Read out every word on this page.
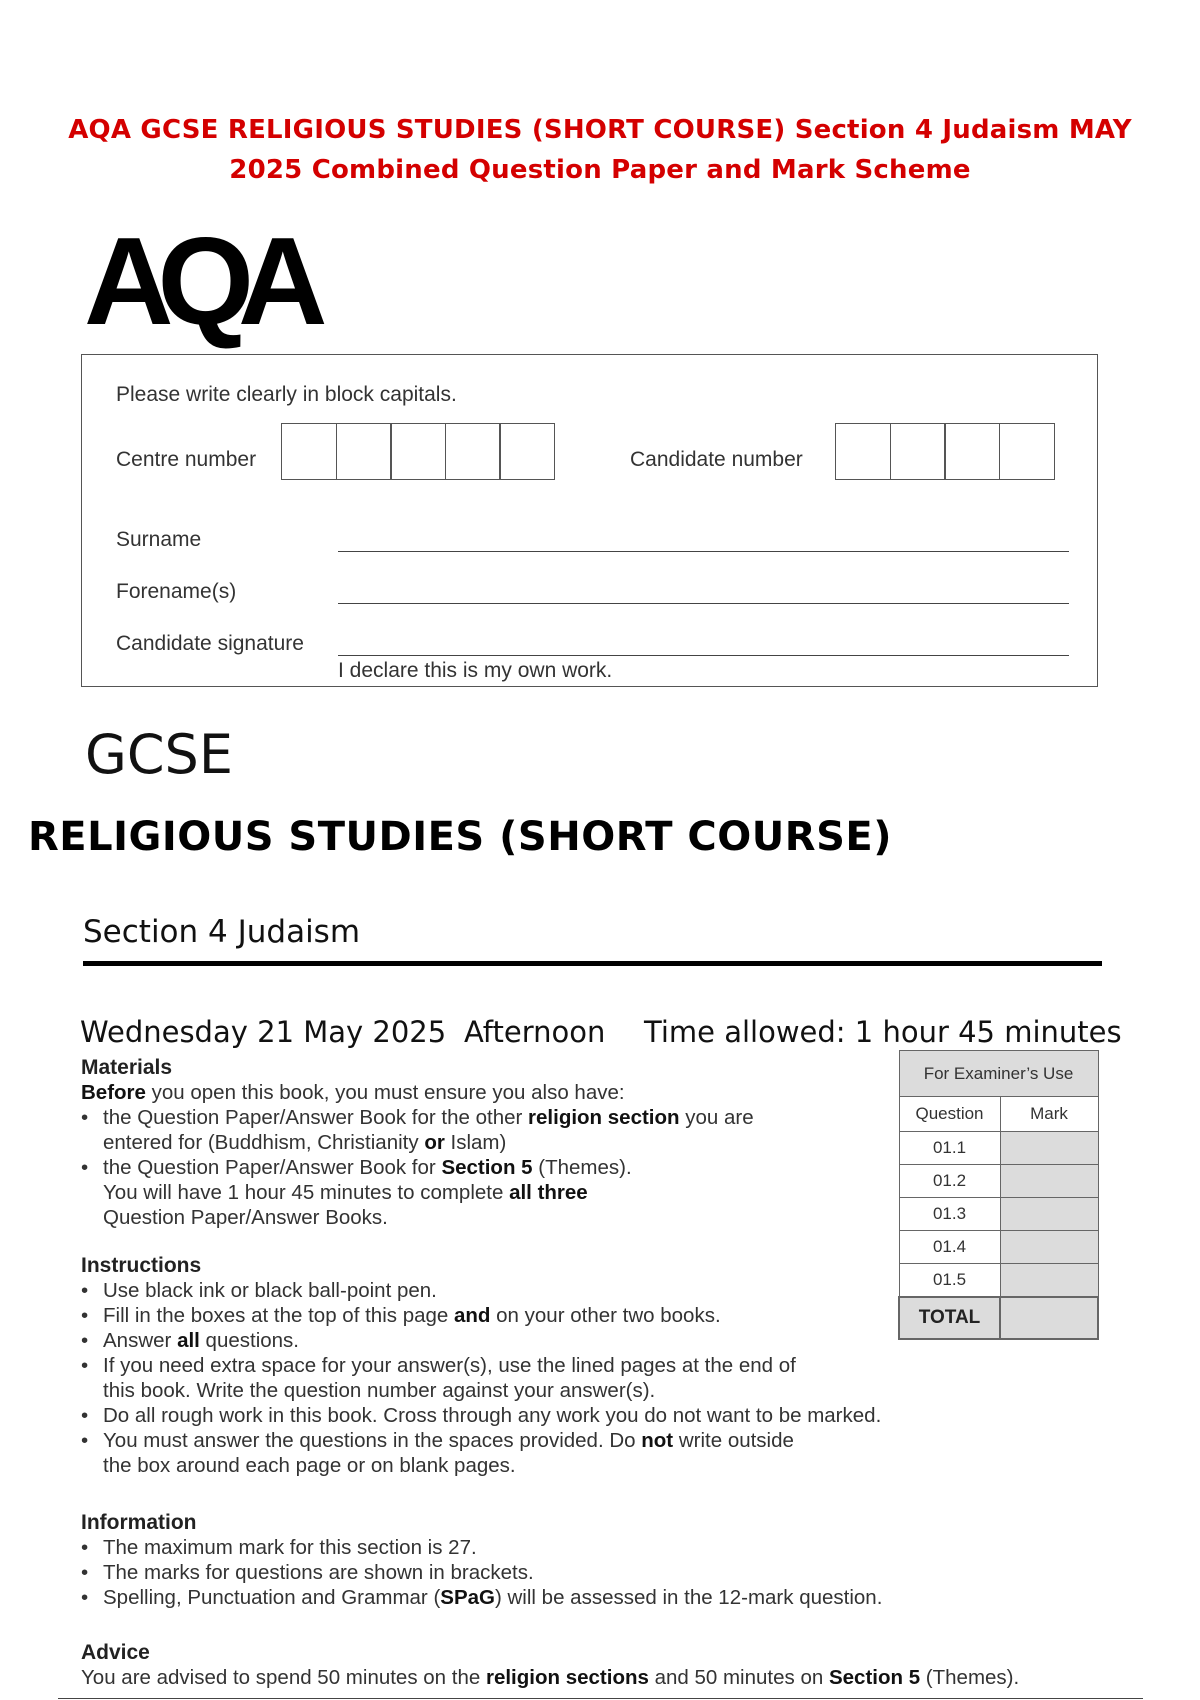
AQA GCSE RELIGIOUS STUDIES (SHORT COURSE) Section 4 Judaism MAY
2025 Combined Question Paper and Mark Scheme
AQA
Please write clearly in block capitals.
Centre number	Candidate number
Surname
Forename(s)
Candidate signature
I declare this is my own work.
GCSE
RELIGIOUS STUDIES (SHORT COURSE)
Section 4 Judaism
Wednesday 21 May 2025 Afternoon Time allowed: 1 hour 45 minutes
Materials

Before you open this book, you must ensure you also have:

• the Question Paper/Answer Book for the other religion section you are entered for (Buddhism, Christianity or Islam)
• the Question Paper/Answer Book for Section 5 (Themes).
You will have 1 hour 45 minutes to complete all three
Question Paper/Answer Books.
Instructions
• Use black ink or black ball-point pen.
• Fill in the boxes at the top of this page and on your other two books.
• Answer all questions.
• If you need extra space for your answer(s), use the lined pages at the end of this book. Write the question number against your answer(s).
• Do all rough work in this book. Cross through any work you do not want to be marked.
• You must answer the questions in the spaces provided. Do not write outside the box around each page or on blank pages.
Information
• The maximum mark for this section is 27.
• The marks for questions are shown in brackets.
• Spelling, Punctuation and Grammar (SPaG) will be assessed in the 12-mark question.
Advice

You are advised to spend 50 minutes on the religion sections and 50 minutes on Section 5 (Themes).

For Examiner’s Use	
Question	Mark
01.1	
01.2	
01.3	
01.4	
01.5	
TOTAL	
